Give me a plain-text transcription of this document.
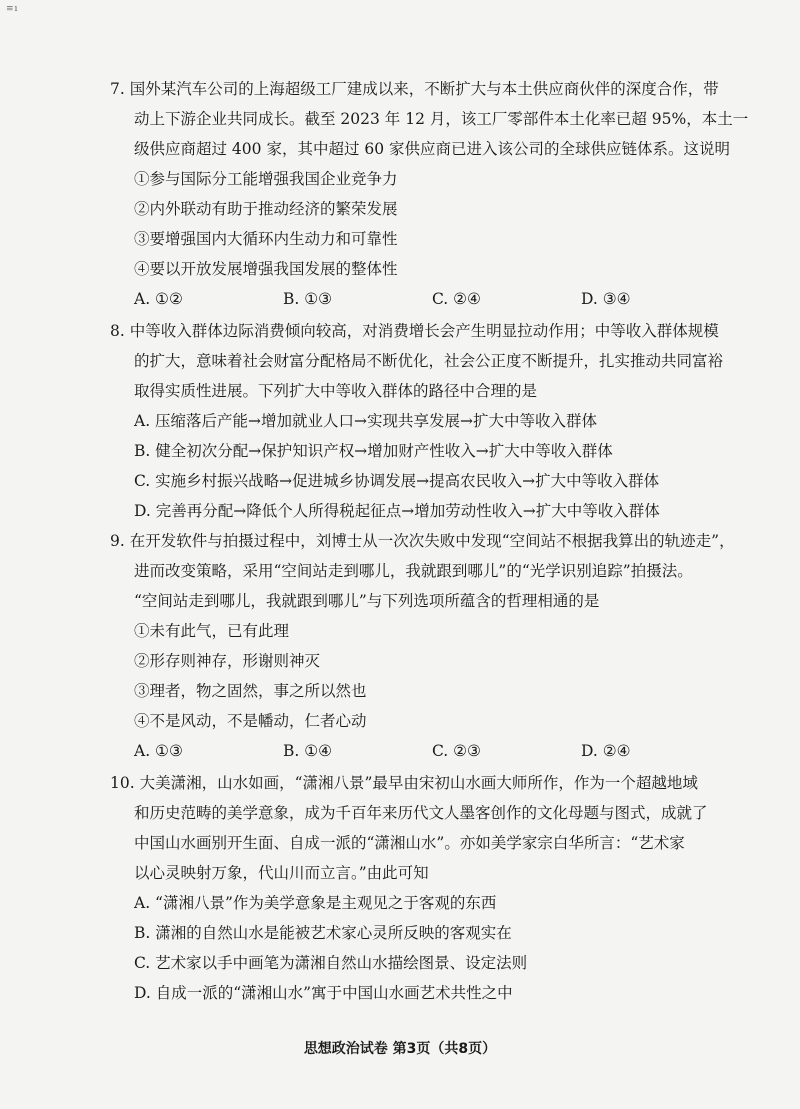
≡ı
7. 国外某汽车公司的上海超级工厂建成以来，不断扩大与本土供应商伙伴的深度合作，带
动上下游企业共同成长。截至 2023 年 12 月，该工厂零部件本土化率已超 95%，本土一
级供应商超过 400 家，其中超过 60 家供应商已进入该公司的全球供应链体系。这说明
①参与国际分工能增强我国企业竞争力
②内外联动有助于推动经济的繁荣发展
③要增强国内大循环内生动力和可靠性
④要以开放发展增强我国发展的整体性
A. ①②	B. ①③	C. ②④	D. ③④
8. 中等收入群体边际消费倾向较高，对消费增长会产生明显拉动作用；中等收入群体规模
的扩大，意味着社会财富分配格局不断优化，社会公正度不断提升，扎实推动共同富裕
取得实质性进展。下列扩大中等收入群体的路径中合理的是
A. 压缩落后产能→增加就业人口→实现共享发展→扩大中等收入群体
B. 健全初次分配→保护知识产权→增加财产性收入→扩大中等收入群体
C. 实施乡村振兴战略→促进城乡协调发展→提高农民收入→扩大中等收入群体
D. 完善再分配→降低个人所得税起征点→增加劳动性收入→扩大中等收入群体
9. 在开发软件与拍摄过程中，刘博士从一次次失败中发现“空间站不根据我算出的轨迹走”，
进而改变策略，采用“空间站走到哪儿，我就跟到哪儿”的“光学识别追踪”拍摄法。
“空间站走到哪儿，我就跟到哪儿”与下列选项所蕴含的哲理相通的是
①未有此气，已有此理
②形存则神存，形谢则神灭
③理者，物之固然，事之所以然也
④不是风动，不是幡动，仁者心动
A. ①③	B. ①④	C. ②③	D. ②④
10. 大美潇湘，山水如画，“潇湘八景”最早由宋初山水画大师所作，作为一个超越地域
和历史范畴的美学意象，成为千百年来历代文人墨客创作的文化母题与图式，成就了
中国山水画别开生面、自成一派的“潇湘山水”。亦如美学家宗白华所言：“艺术家
以心灵映射万象，代山川而立言。”由此可知
A. “潇湘八景”作为美学意象是主观见之于客观的东西
B. 潇湘的自然山水是能被艺术家心灵所反映的客观实在
C. 艺术家以手中画笔为潇湘自然山水描绘图景、设定法则
D. 自成一派的“潇湘山水”寓于中国山水画艺术共性之中
思想政治试卷 第3页（共8页）
